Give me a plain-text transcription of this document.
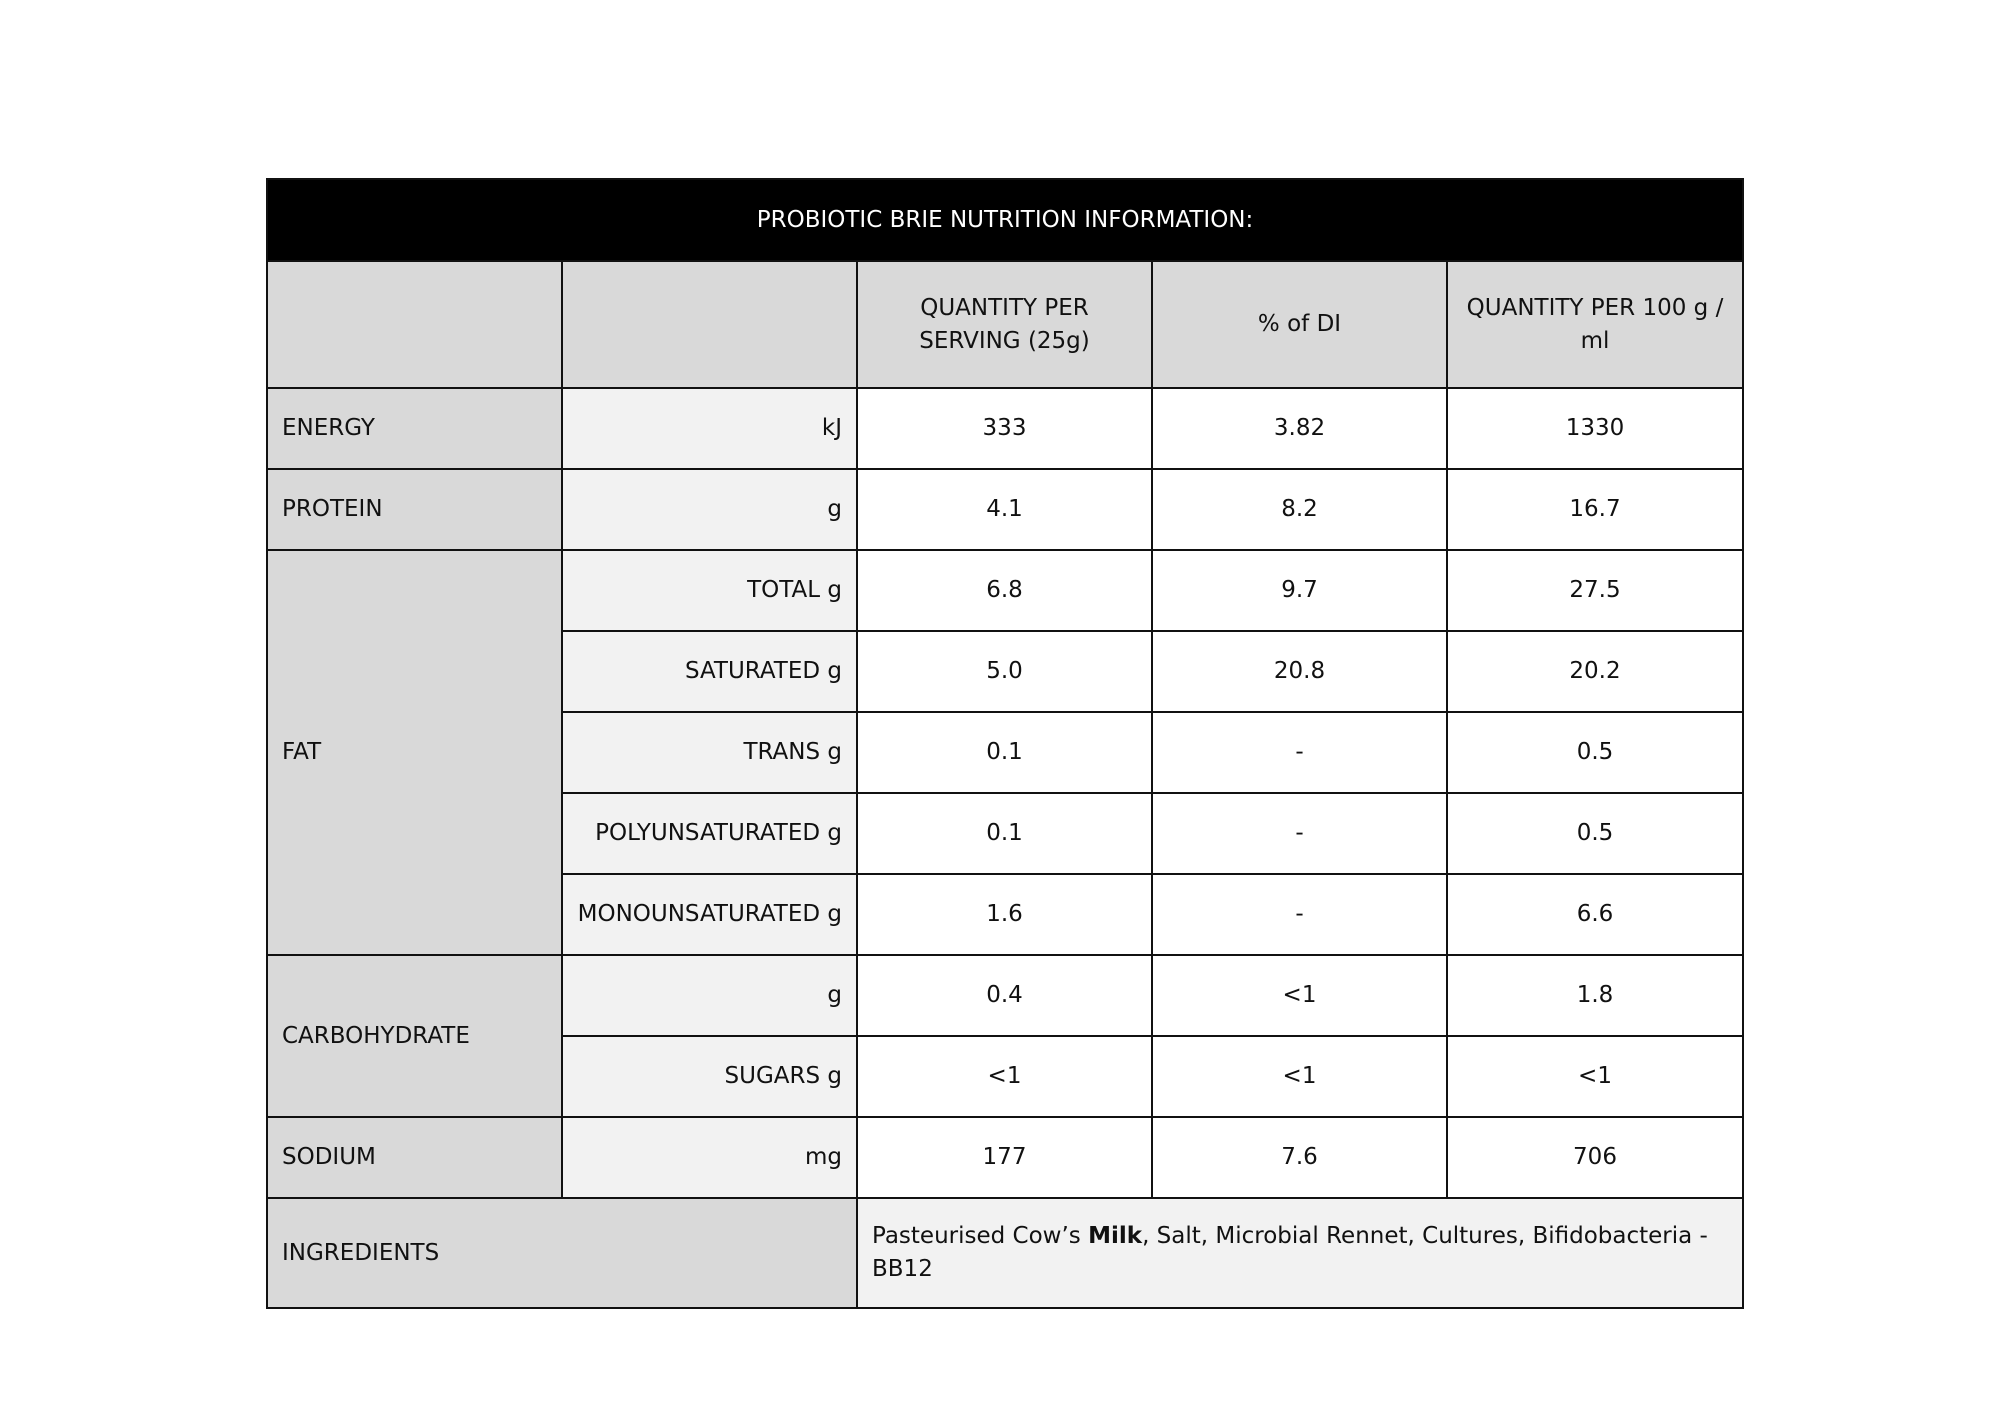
PROBIOTIC BRIE NUTRITION INFORMATION:				
		QUANTITY PER SERVING (25g)	% of DI	QUANTITY PER 100 g / ml
ENERGY	kJ	333	3.82	1330
PROTEIN	g	4.1	8.2	16.7
FAT	TOTAL g	6.8	9.7	27.5
	SATURATED g	5.0	20.8	20.2
	TRANS g	0.1	-	0.5
	POLYUNSATURATED g	0.1	-	0.5
	MONOUNSATURATED g	1.6	-	6.6
CARBOHYDRATE	g	0.4	<1	1.8
	SUGARS g	<1	<1	<1
SODIUM	mg	177	7.6	706
INGREDIENTS		Pasteurised Cow’s Milk, Salt, Microbial Rennet, Cultures, Bifidobacteria - BB12		
